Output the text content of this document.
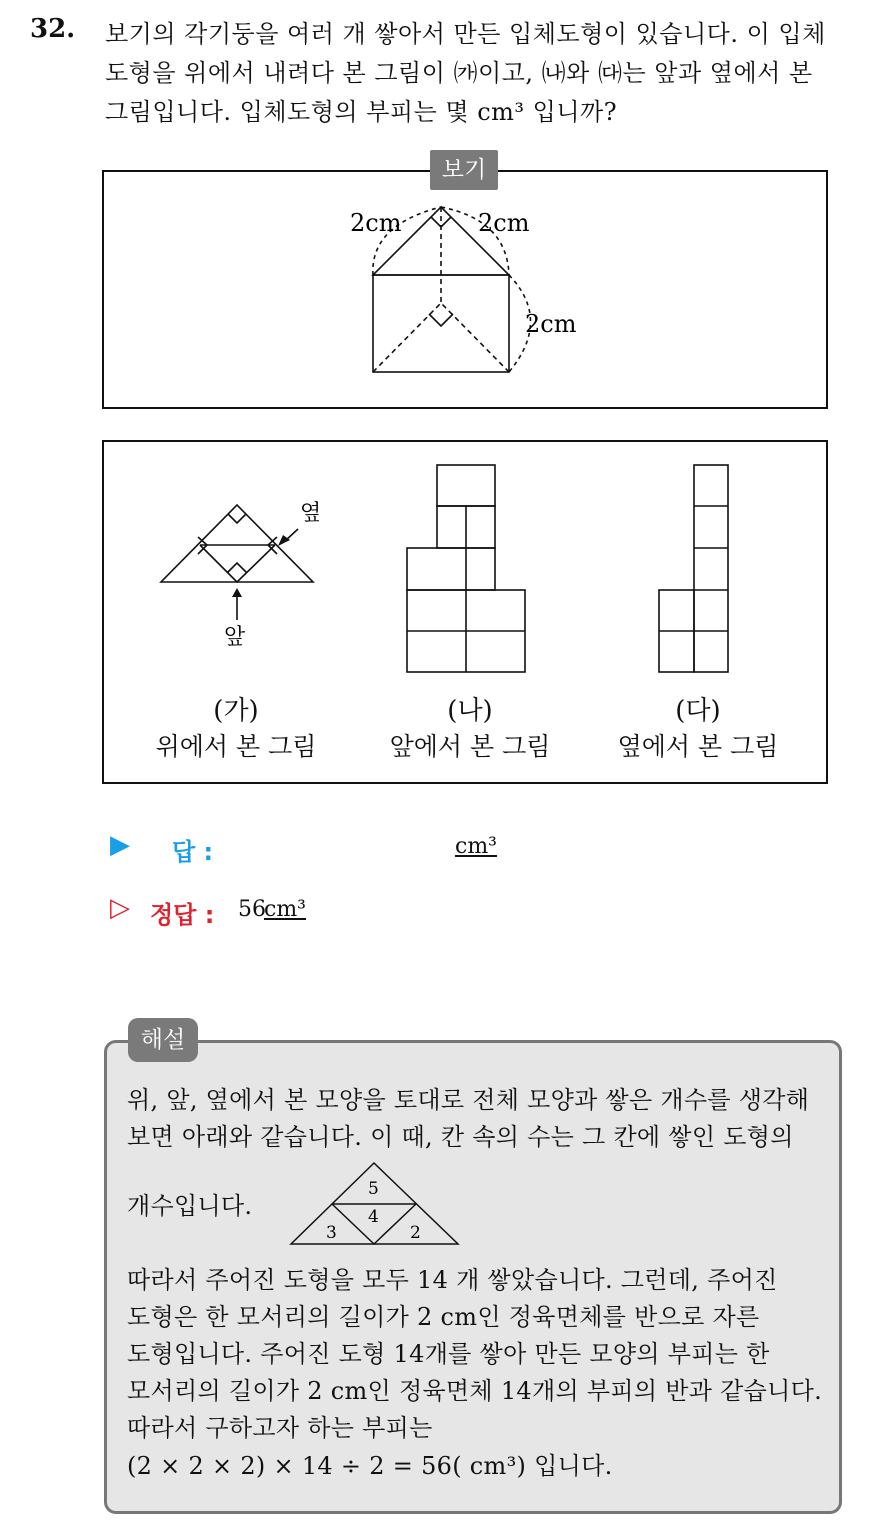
32. 보기의 각기둥을 여러 개 쌓아서 만든 입체도형이 있습니다. 이 입체
도형을 위에서 내려다 본 그림이 ㈎이고, ㈏와 ㈐는 앞과 옆에서 본
그림입니다. 입체도형의 부피는 몇 cm³ 입니까?
보기
2cm	2cm
2cm
옆
앞
(가)
위에서 본 그림
(나)
앞에서 본 그림
(다)
옆에서 본 그림
▶ 답 :	cm³
▷ 정답 : 56
cm³
해설
위, 앞, 옆에서 본 모양을 토대로 전체 모양과 쌓은 개수를 생각해
보면 아래와 같습니다. 이 때, 칸 속의 수는 그 칸에 쌓인 도형의
개수입니다.
5
4
3	2
따라서 주어진 도형을 모두 14 개 쌓았습니다. 그런데, 주어진
도형은 한 모서리의 길이가 2 cm인 정육면체를 반으로 자른
도형입니다. 주어진 도형 14개를 쌓아 만든 모양의 부피는 한
모서리의 길이가 2 cm인 정육면체 14개의 부피의 반과 같습니다.
따라서 구하고자 하는 부피는
(2 × 2 × 2) × 14 ÷ 2 = 56( cm³) 입니다.
